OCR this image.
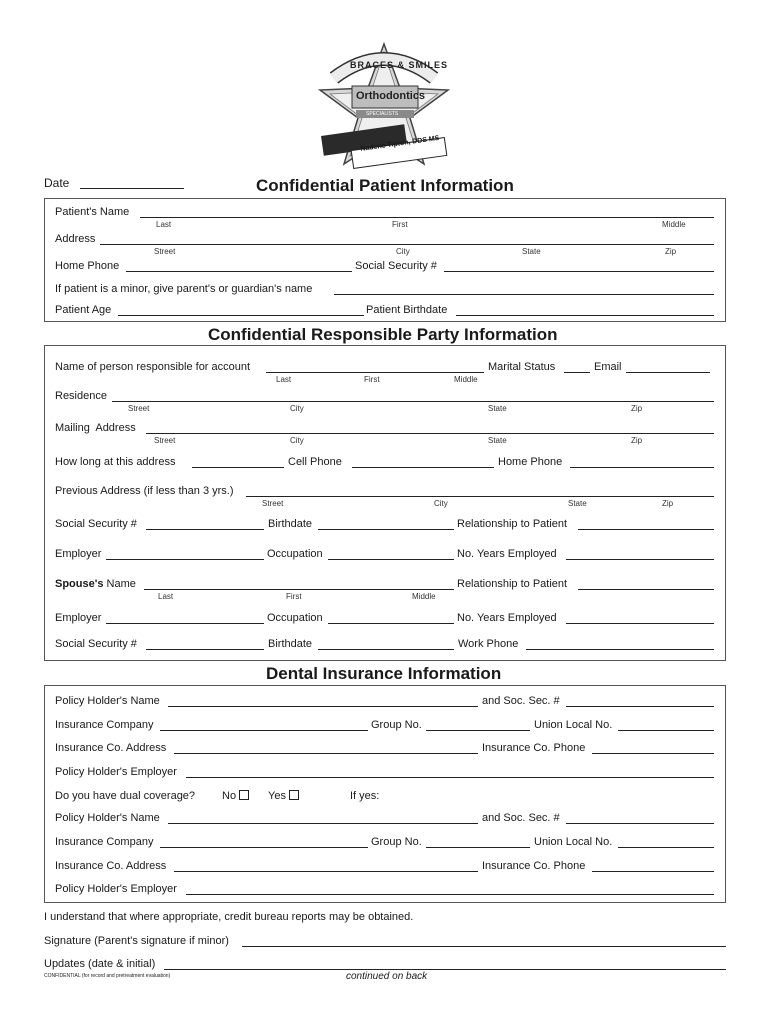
BRACES & SMILES
Orthodontics
SPECIALISTS
Nadene Tipton, DDS MS
Date	Confidential Patient Information
Patient's Name
Last	First	Middle
Address
Street	City	State	Zip
Home Phone	Social Security #
If patient is a minor, give parent's or guardian's name
Patient Age	Patient Birthdate
Confidential Responsible Party Information
Name of person responsible for account	Marital Status	Email
Last	First	Middle
Residence
Street	City	State	Zip
Mailing  Address
Street	City	State	Zip
How long at this address	Cell Phone	Home Phone
Previous Address (if less than 3 yrs.)
Street	City	State	Zip
Social Security #	Birthdate	Relationship to Patient
Employer	Occupation	No. Years Employed
Spouse's Name	Relationship to Patient
Last	First	Middle
Employer	Occupation	No. Years Employed
Social Security #	Birthdate	Work Phone
Dental Insurance Information
Policy Holder's Name	and Soc. Sec. #
Insurance Company	Group No.	Union Local No.
Insurance Co. Address	Insurance Co. Phone
Policy Holder's Employer
Do you have dual coverage? No	Yes	If yes:
Policy Holder's Name	and Soc. Sec. #
Insurance Company	Group No.	Union Local No.
Insurance Co. Address	Insurance Co. Phone
Policy Holder's Employer
I understand that where appropriate, credit bureau reports may be obtained.
Signature (Parent's signature if minor)
Updates (date & initial)
CONFIDENTIAL (for record and pretreatment evaluation)	continued on back
